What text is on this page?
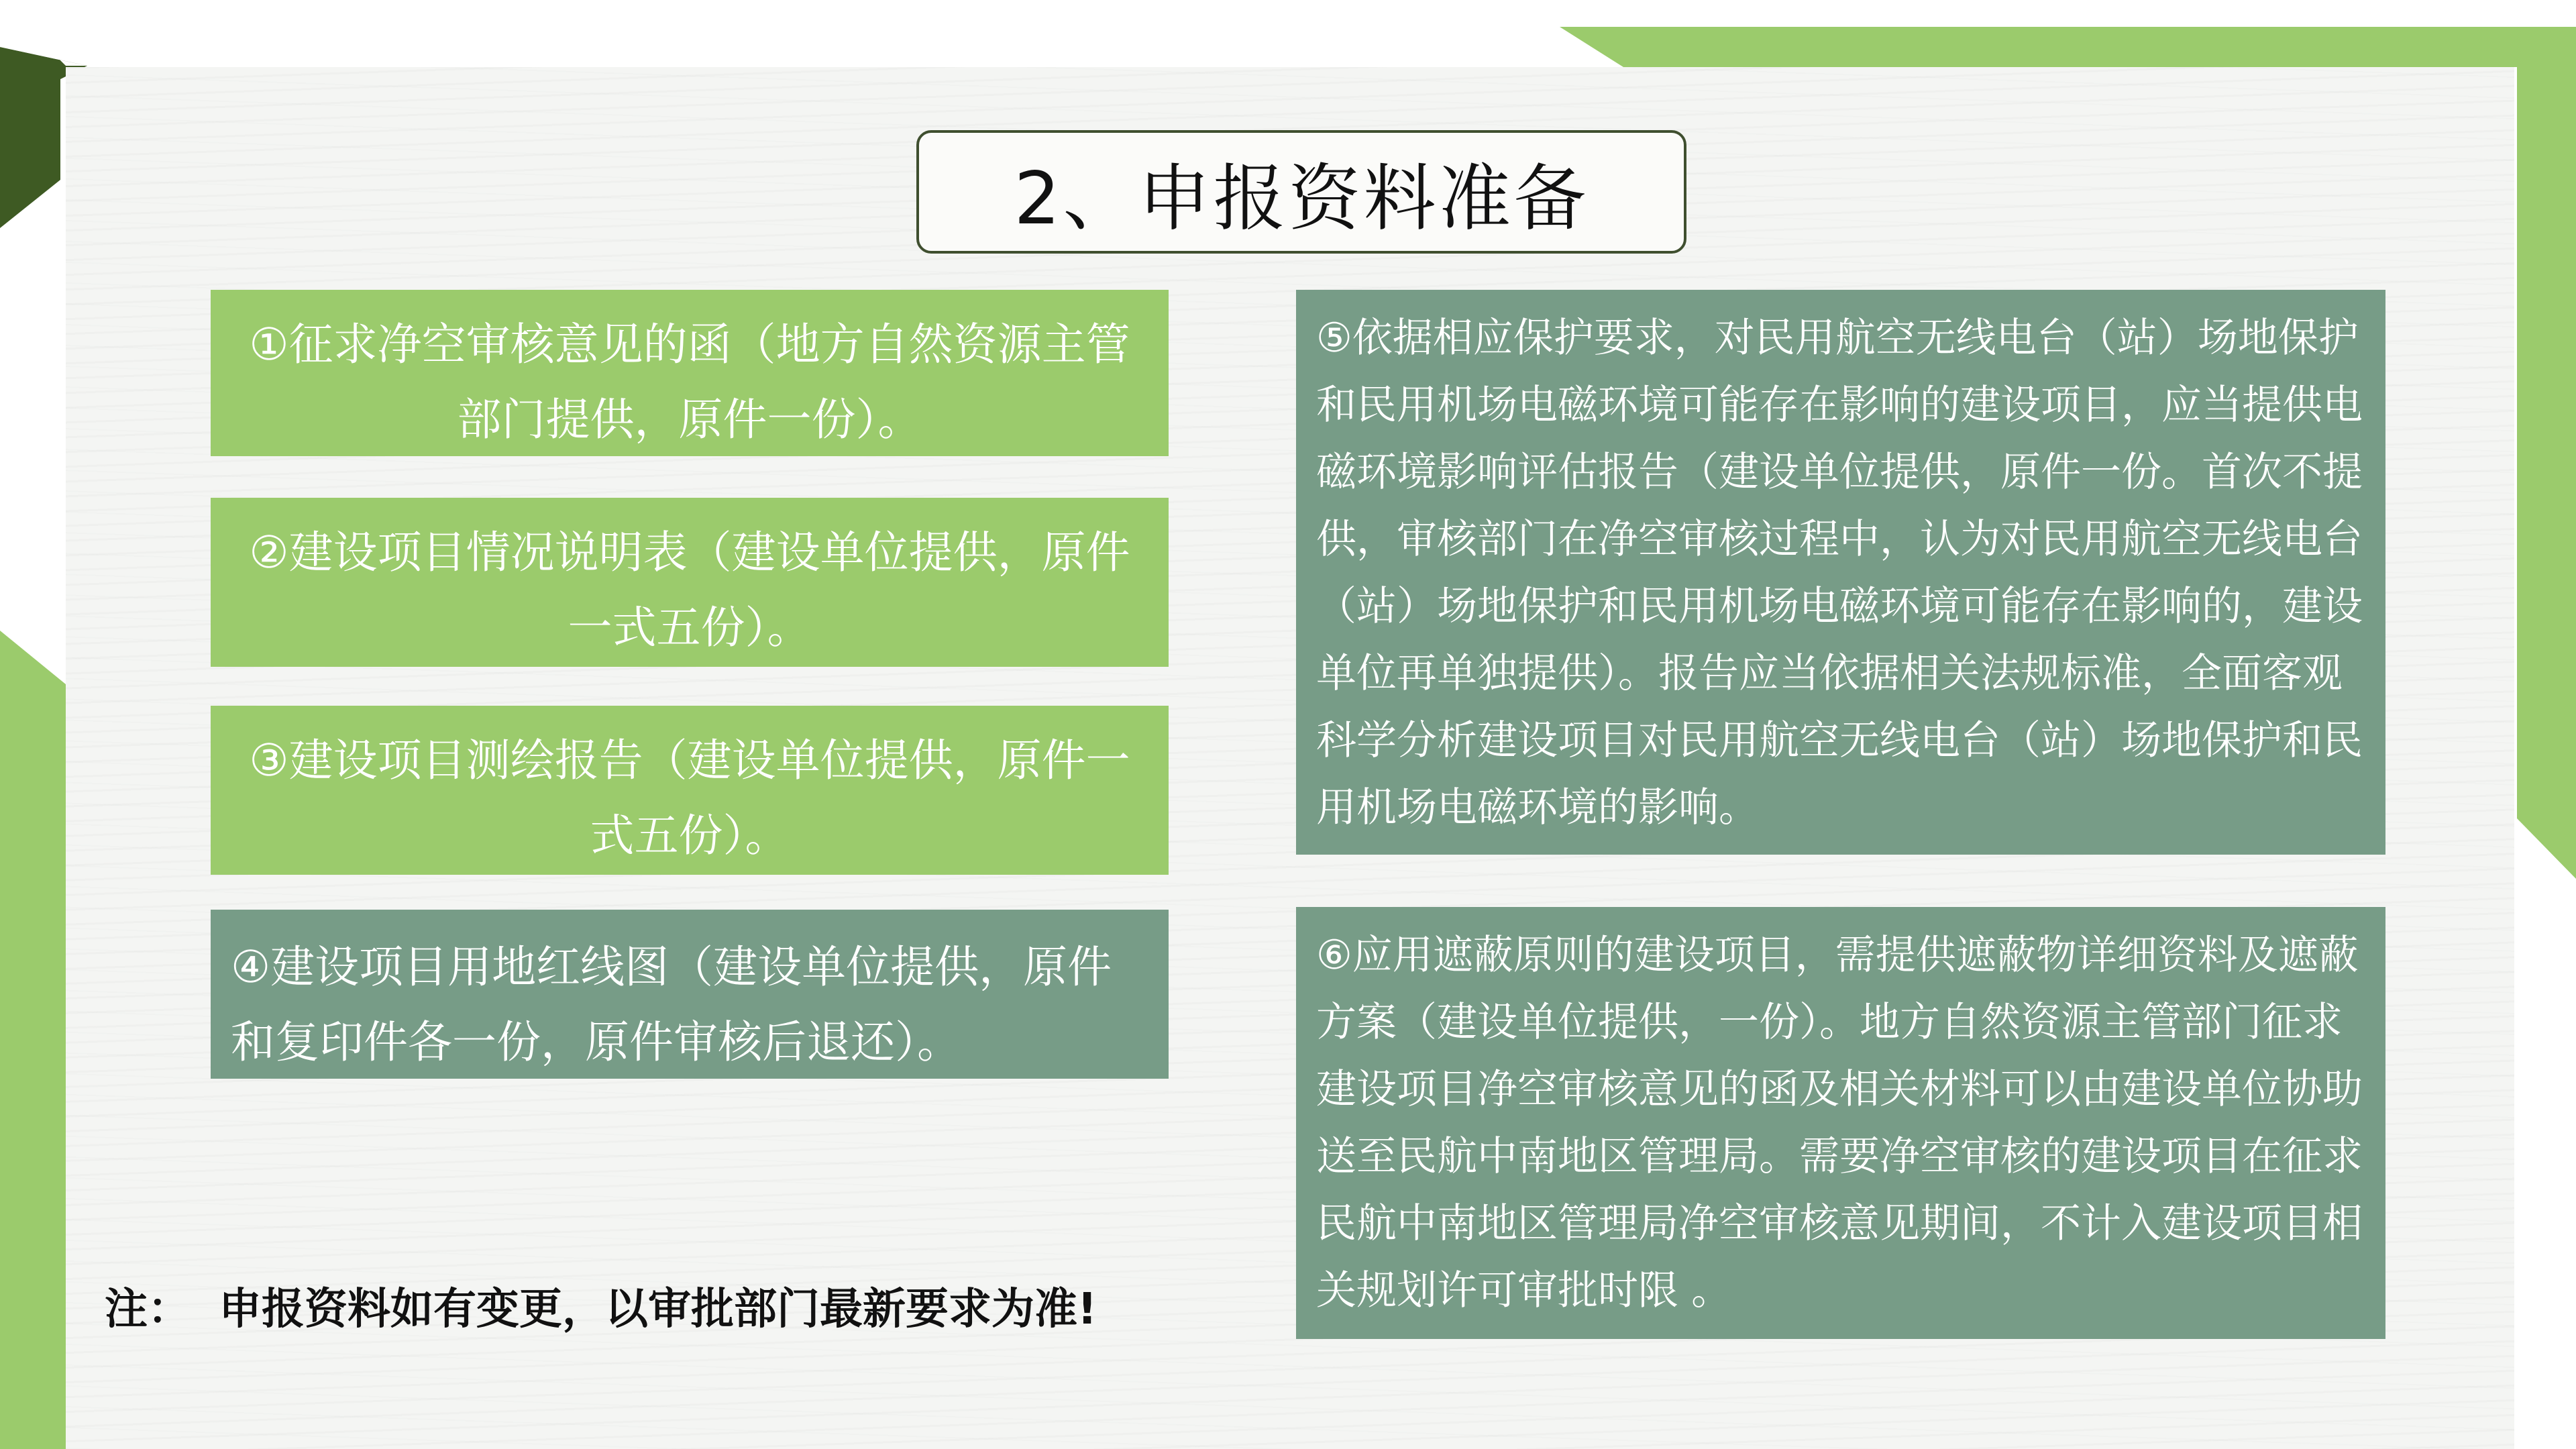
2、申报资料准备
①征求净空审核意见的函（地方自然资源主管部门提供，原件一份）。
②建设项目情况说明表（建设单位提供，原件一式五份）。
③建设项目测绘报告（建设单位提供，原件一式五份）。
④建设项目用地红线图（建设单位提供，原件和复印件各一份，原件审核后退还）。
⑤依据相应保护要求，对民用航空无线电台（站）场地保护和民用机场电磁环境可能存在影响的建设项目，应当提供电磁环境影响评估报告（建设单位提供，原件一份。首次不提供，审核部门在净空审核过程中，认为对民用航空无线电台（站）场地保护和民用机场电磁环境可能存在影响的，建设单位再单独提供）。报告应当依据相关法规标准，全面客观科学分析建设项目对民用航空无线电台（站）场地保护和民用机场电磁环境的影响。
⑥应用遮蔽原则的建设项目，需提供遮蔽物详细资料及遮蔽方案（建设单位提供，一份）。地方自然资源主管部门征求建设项目净空审核意见的函及相关材料可以由建设单位协助送至民航中南地区管理局。需要净空审核的建设项目在征求民航中南地区管理局净空审核意见期间，不计入建设项目相关规划许可审批时限 。
注： 申报资料如有变更，以审批部门最新要求为准!
